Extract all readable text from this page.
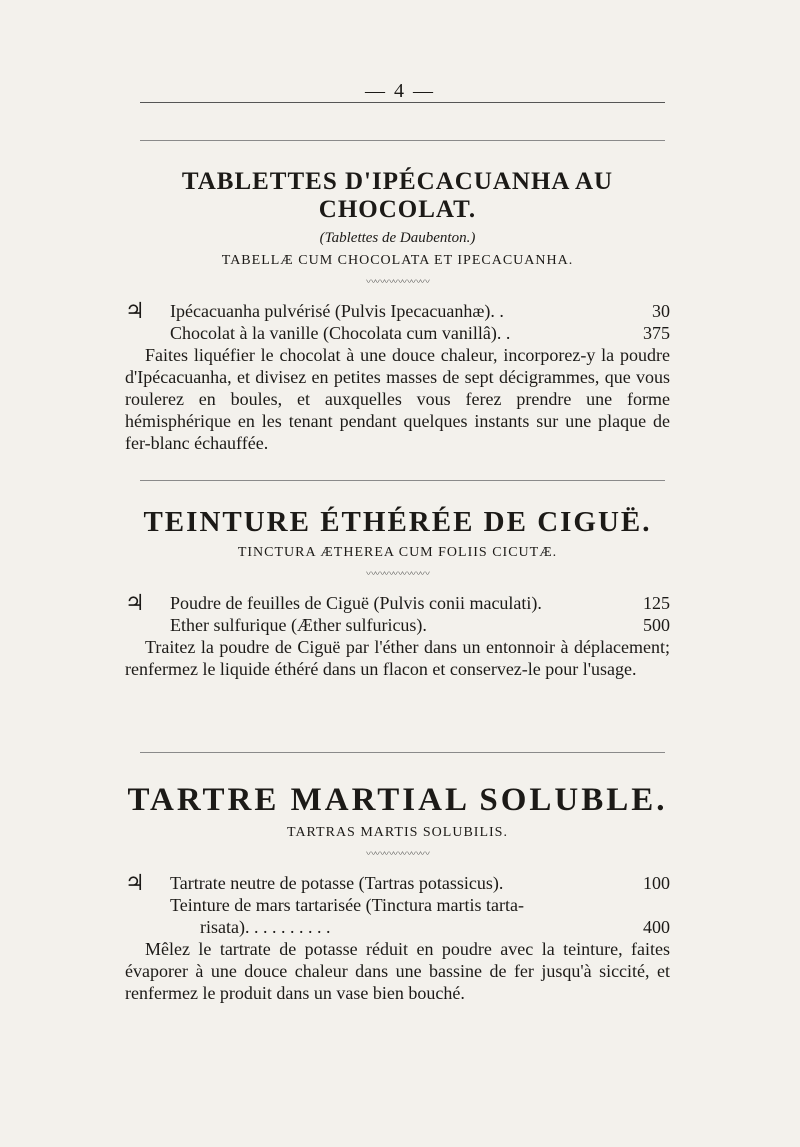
— 4 —
TABLETTES D'IPÉCACUANHA AU CHOCOLAT.
(Tablettes de Daubenton.)
TABELLÆ CUM CHOCOLATA ET IPECACUANHA.
〰〰〰〰〰〰〰
♃ Ipécacuanha pulvérisé (Pulvis Ipecacuanhæ). .	30
Chocolat à la vanille (Chocolata cum vanillâ). .	375

Faites liquéfier le chocolat à une douce chaleur, incorporez-y la poudre d'Ipécacuanha, et divisez en petites masses de sept décigrammes, que vous roulerez en boules, et auxquelles vous ferez prendre une forme hémisphérique en les tenant pendant quelques instants sur une plaque de fer-blanc échauffée.

TEINTURE ÉTHÉRÉE DE CIGUË.
TINCTURA ÆTHEREA CUM FOLIIS CICUTÆ.
〰〰〰〰〰〰〰
♃ Poudre de feuilles de Ciguë (Pulvis conii maculati).	125
Ether sulfurique (Æther sulfuricus).	500

Traitez la poudre de Ciguë par l'éther dans un entonnoir à déplacement; renfermez le liquide éthéré dans un flacon et conservez-le pour l'usage.

TARTRE MARTIAL SOLUBLE.
TARTRAS MARTIS SOLUBILIS.
〰〰〰〰〰〰〰
♃ Tartrate neutre de potasse (Tartras potassicus).	100
Teinture de mars tartarisée (Tinctura martis tarta-
risata). . . . . . . . . .	400

Mêlez le tartrate de potasse réduit en poudre avec la teinture, faites évaporer à une douce chaleur dans une bassine de fer jusqu'à siccité, et renfermez le produit dans un vase bien bouché.
